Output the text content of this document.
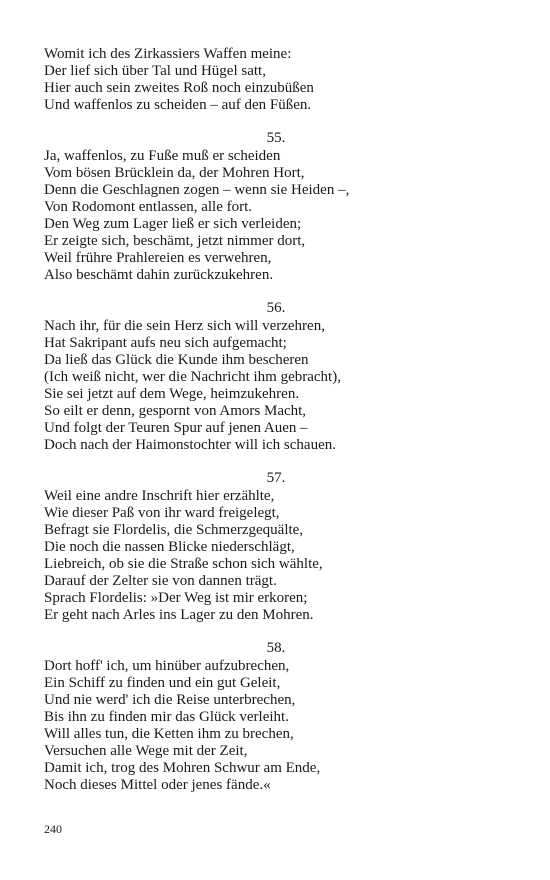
Womit ich des Zirkassiers Waffen meine:
Der lief sich über Tal und Hügel satt,
Hier auch sein zweites Roß noch einzubüßen
Und waffenlos zu scheiden – auf den Füßen.
55.
Ja, waffenlos, zu Fuße muß er scheiden
Vom bösen Brücklein da, der Mohren Hort,
Denn die Geschlagnen zogen – wenn sie Heiden –,
Von Rodomont entlassen, alle fort.
Den Weg zum Lager ließ er sich verleiden;
Er zeigte sich, beschämt, jetzt nimmer dort,
Weil frühre Prahlereien es verwehren,
Also beschämt dahin zurückzukehren.
56.
Nach ihr, für die sein Herz sich will verzehren,
Hat Sakripant aufs neu sich aufgemacht;
Da ließ das Glück die Kunde ihm bescheren
(Ich weiß nicht, wer die Nachricht ihm gebracht),
Sie sei jetzt auf dem Wege, heimzukehren.
So eilt er denn, gespornt von Amors Macht,
Und folgt der Teuren Spur auf jenen Auen –
Doch nach der Haimonstochter will ich schauen.
57.
Weil eine andre Inschrift hier erzählte,
Wie dieser Paß von ihr ward freigelegt,
Befragt sie Flordelis, die Schmerzgequälte,
Die noch die nassen Blicke niederschlägt,
Liebreich, ob sie die Straße schon sich wählte,
Darauf der Zelter sie von dannen trägt.
Sprach Flordelis: »Der Weg ist mir erkoren;
Er geht nach Arles ins Lager zu den Mohren.
58.
Dort hoff' ich, um hinüber aufzubrechen,
Ein Schiff zu finden und ein gut Geleit,
Und nie werd' ich die Reise unterbrechen,
Bis ihn zu finden mir das Glück verleiht.
Will alles tun, die Ketten ihm zu brechen,
Versuchen alle Wege mit der Zeit,
Damit ich, trog des Mohren Schwur am Ende,
Noch dieses Mittel oder jenes fände.«
240
